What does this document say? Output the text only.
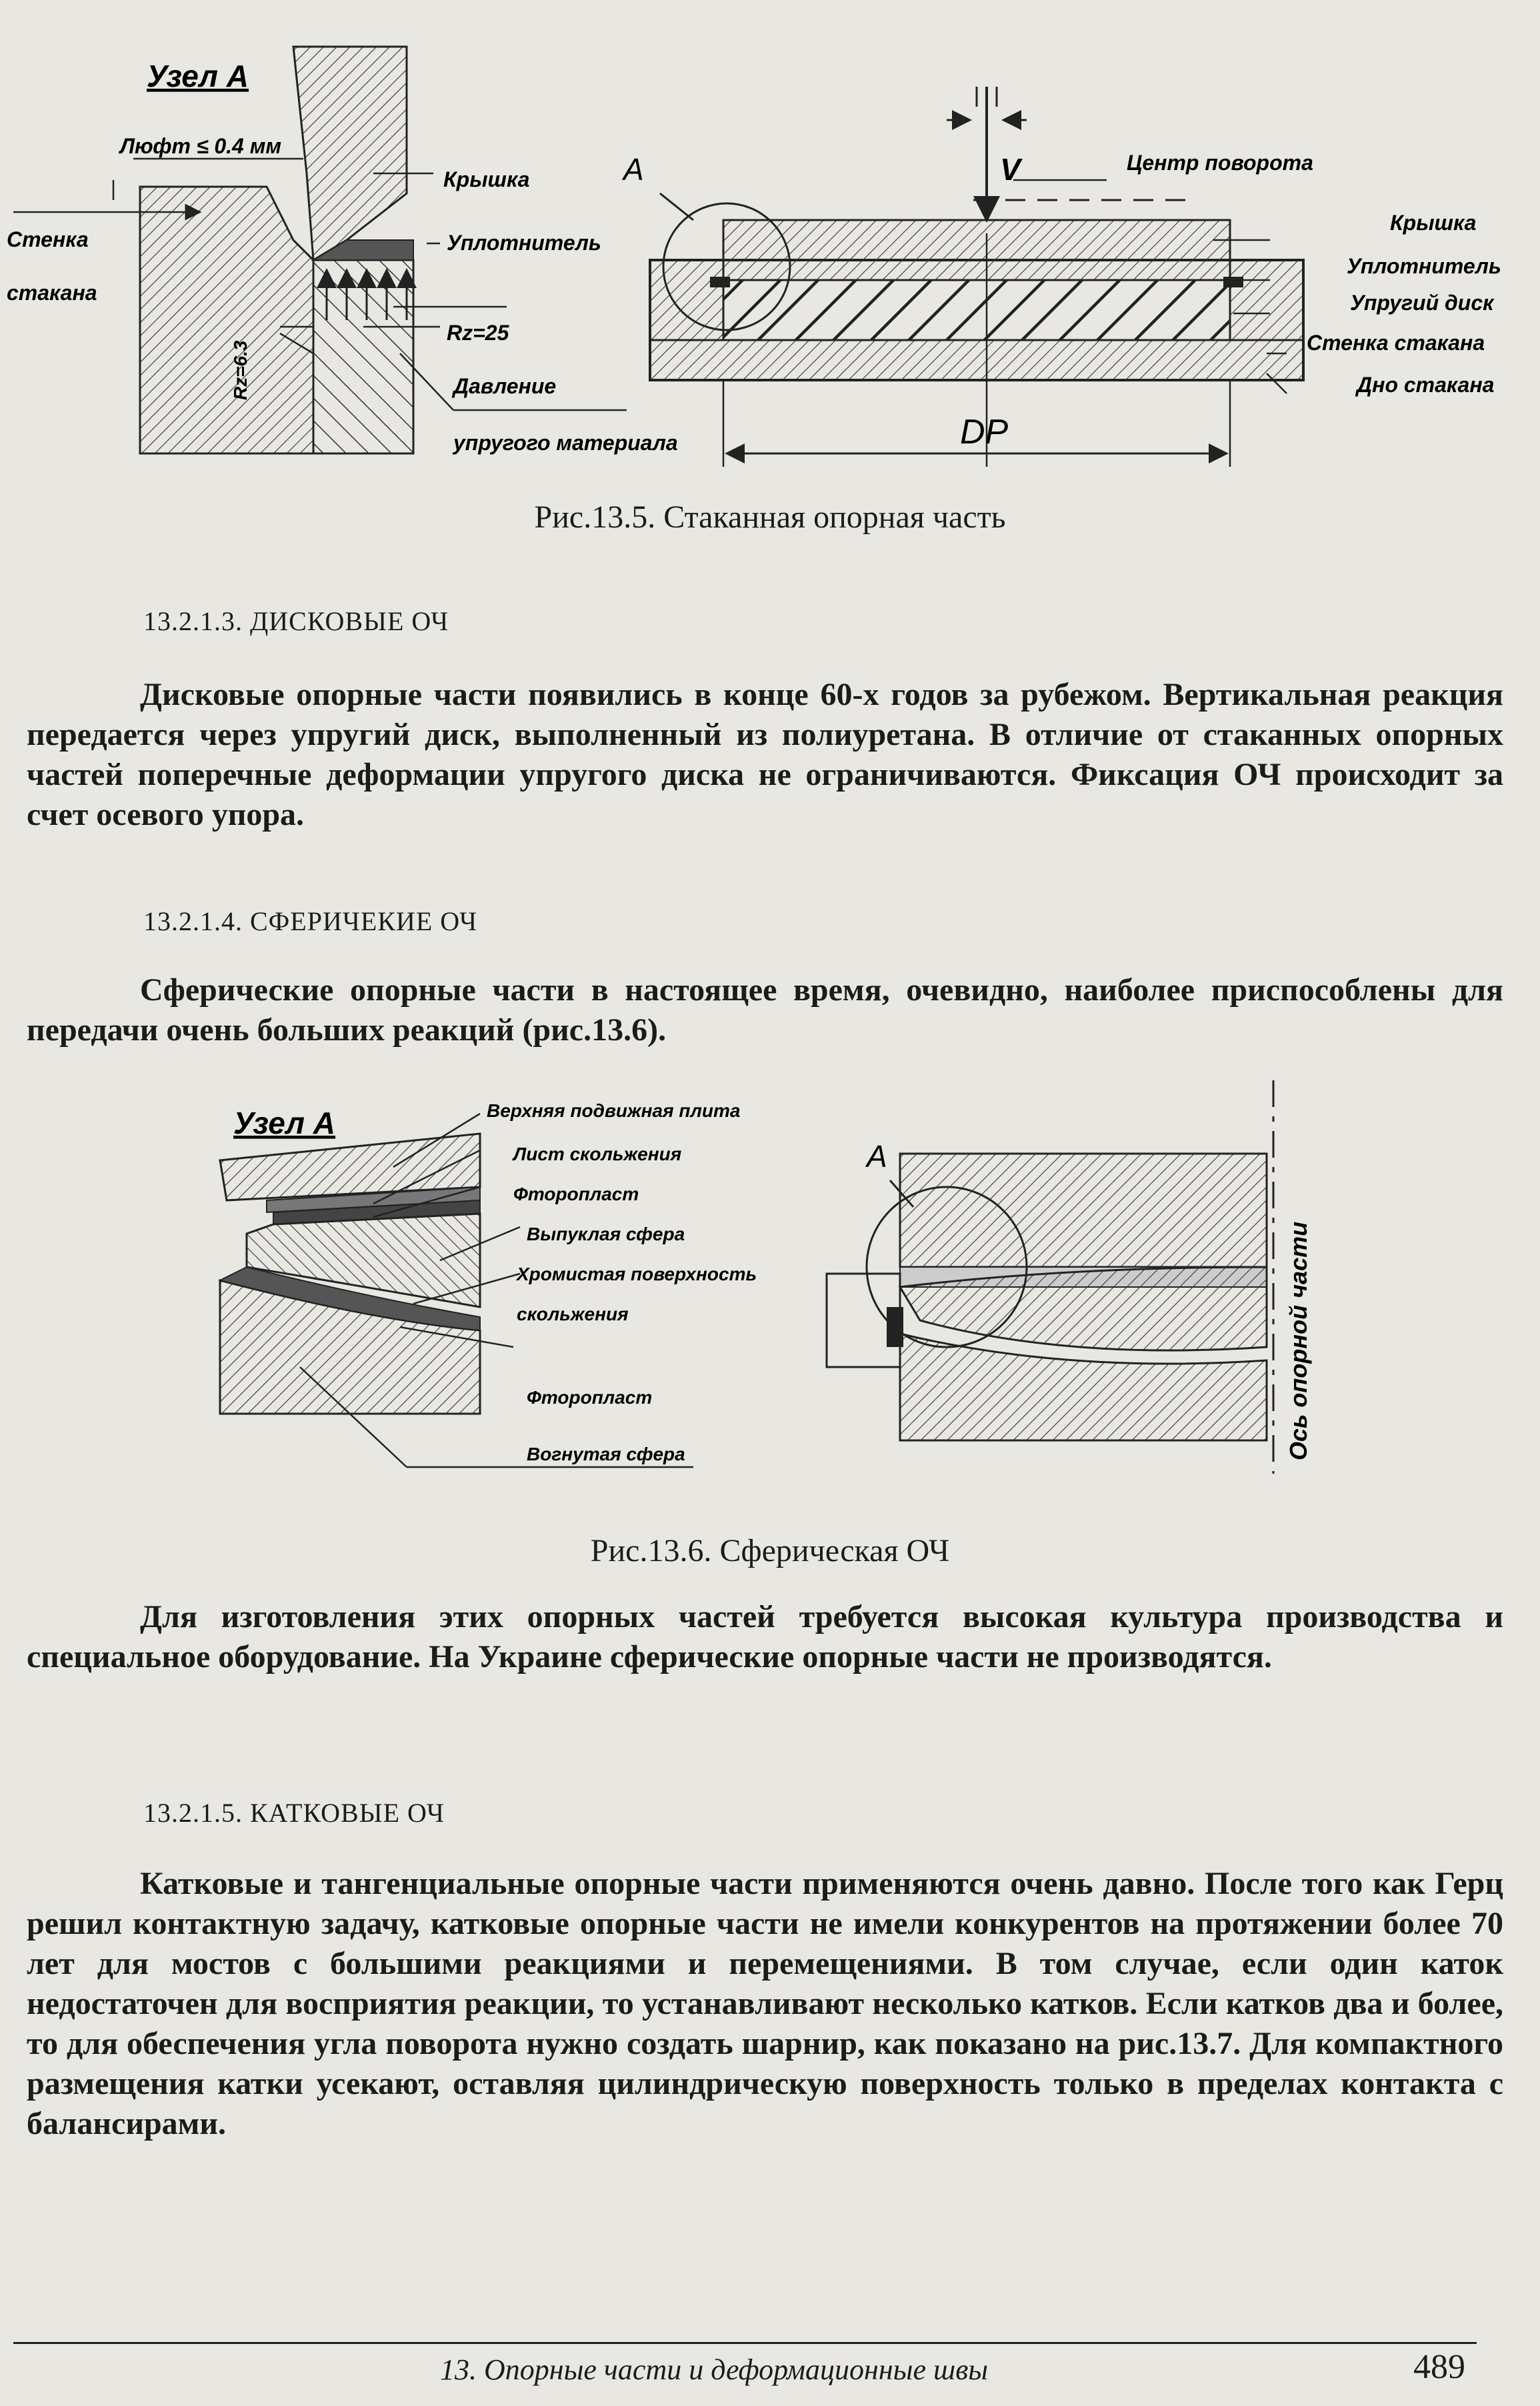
Узел А
Люфт ≤ 0.4 мм
Крышка
Стенка
стакана
Уплотнитель
Rz=6.3
Rz=25
Давление
упругого материала
А	V	Центр поворота
Крышка
Уплотнитель
Упругий диск
Стенка стакана
Дно стакана
DP
Рис.13.5. Стаканная опорная часть
13.2.1.3. ДИСКОВЫЕ ОЧ

Дисковые опорные части появились в конце 60-х годов за рубежом. Вертикальная реакция передается через упругий диск, выполненный из полиуретана. В отличие от стаканных опорных частей поперечные деформации упругого диска не ограничиваются. Фиксация ОЧ происходит за счет осевого упора.

13.2.1.4. СФЕРИЧЕКИЕ ОЧ

Сферические опорные части в настоящее время, очевидно, наиболее приспособлены для передачи очень больших реакций (рис.13.6).

Узел А	Верхняя подвижная плита
Лист скольжения
Фторопласт
Выпуклая сфера
Хромистая поверхность
скольжения
Фторопласт
Вогнутая сфера
А
Ось опорной части
Рис.13.6. Сферическая ОЧ

Для изготовления этих опорных частей требуется высокая культура производства и специальное оборудование. На Украине сферические опорные части не производятся.

13.2.1.5. КАТКОВЫЕ ОЧ

Катковые и тангенциальные опорные части применяются очень давно. После того как Герц решил контактную задачу, катковые опорные части не имели конкурентов на протяжении более 70 лет для мостов с большими реакциями и перемещениями. В том случае, если один каток недостаточен для восприятия реакции, то устанавливают несколько катков. Если катков два и более, то для обеспечения угла поворота нужно создать шарнир, как показано на рис.13.7. Для компактного размещения катки усекают, оставляя цилиндрическую поверхность только в пределах контакта с балансирами.

13. Опорные части и деформационные швы	489
